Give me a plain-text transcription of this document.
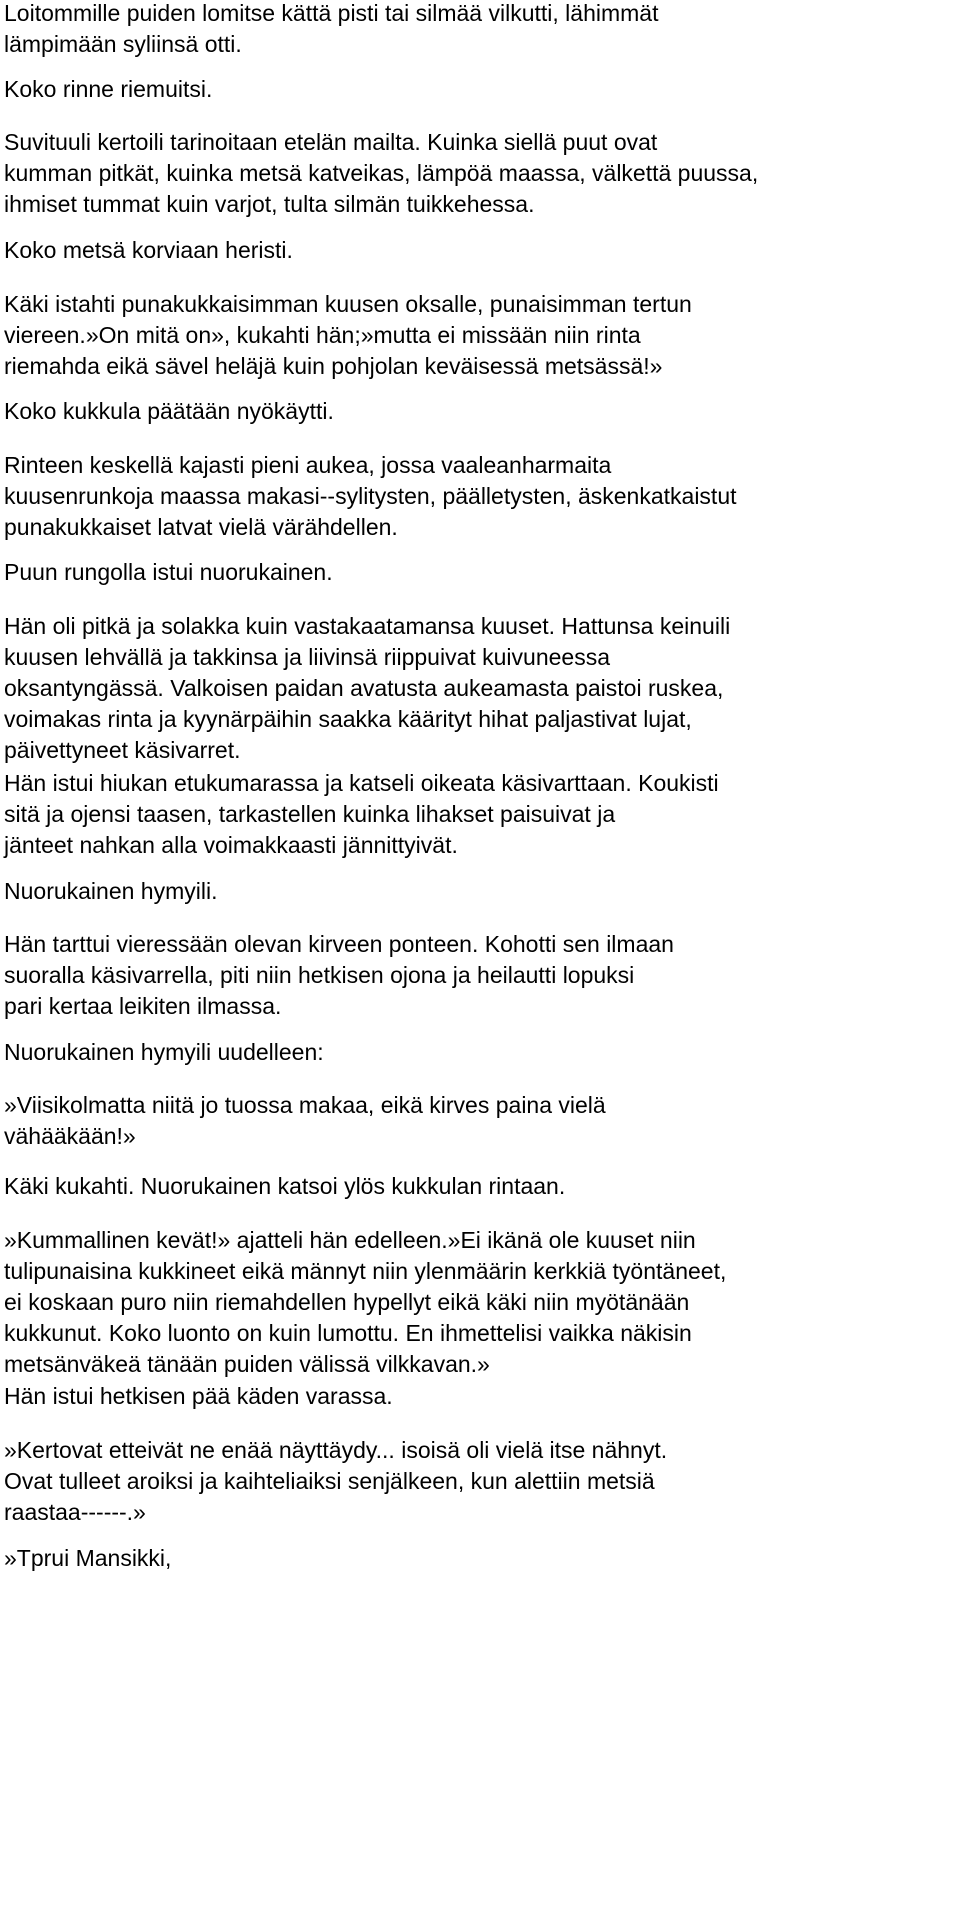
Loitommille puiden lomitse kättä pisti tai silmää vilkutti, lähimmät
lämpimään syliinsä otti.
Koko rinne riemuitsi.
Suvituuli kertoili tarinoitaan etelän mailta. Kuinka siellä puut ovat
kumman pitkät, kuinka metsä katveikas, lämpöä maassa, välkettä puussa,
ihmiset tummat kuin varjot, tulta silmän tuikkehessa.
Koko metsä korviaan heristi.
Käki istahti punakukkaisimman kuusen oksalle, punaisimman tertun
viereen.»On mitä on», kukahti hän;»mutta ei missään niin rinta
riemahda eikä sävel heläjä kuin pohjolan keväisessä metsässä!»
Koko kukkula päätään nyökäytti.
Rinteen keskellä kajasti pieni aukea, jossa vaaleanharmaita
kuusenrunkoja maassa makasi--sylitysten, päälletysten, äskenkatkaistut
punakukkaiset latvat vielä värähdellen.
Puun rungolla istui nuorukainen.
Hän oli pitkä ja solakka kuin vastakaatamansa kuuset. Hattunsa keinuili
kuusen lehvällä ja takkinsa ja liivinsä riippuivat kuivuneessa
oksantyngässä. Valkoisen paidan avatusta aukeamasta paistoi ruskea,
voimakas rinta ja kyynärpäihin saakka käärityt hihat paljastivat lujat,
päivettyneet käsivarret.
Hän istui hiukan etukumarassa ja katseli oikeata käsivarttaan. Koukisti
sitä ja ojensi taasen, tarkastellen kuinka lihakset paisuivat ja
jänteet nahkan alla voimakkaasti jännittyivät.
Nuorukainen hymyili.
Hän tarttui vieressään olevan kirveen ponteen. Kohotti sen ilmaan
suoralla käsivarrella, piti niin hetkisen ojona ja heilautti lopuksi
pari kertaa leikiten ilmassa.
Nuorukainen hymyili uudelleen:
»Viisikolmatta niitä jo tuossa makaa, eikä kirves paina vielä
vähääkään!»
Käki kukahti. Nuorukainen katsoi ylös kukkulan rintaan.
»Kummallinen kevät!» ajatteli hän edelleen.»Ei ikänä ole kuuset niin
tulipunaisina kukkineet eikä männyt niin ylenmäärin kerkkiä työntäneet,
ei koskaan puro niin riemahdellen hypellyt eikä käki niin myötänään
kukkunut. Koko luonto on kuin lumottu. En ihmettelisi vaikka näkisin
metsänväkeä tänään puiden välissä vilkkavan.»
Hän istui hetkisen pää käden varassa.
»Kertovat etteivät ne enää näyttäydy... isoisä oli vielä itse nähnyt.
Ovat tulleet aroiksi ja kaihteliaiksi senjälkeen, kun alettiin metsiä
raastaa------.»
»Tprui Mansikki,
